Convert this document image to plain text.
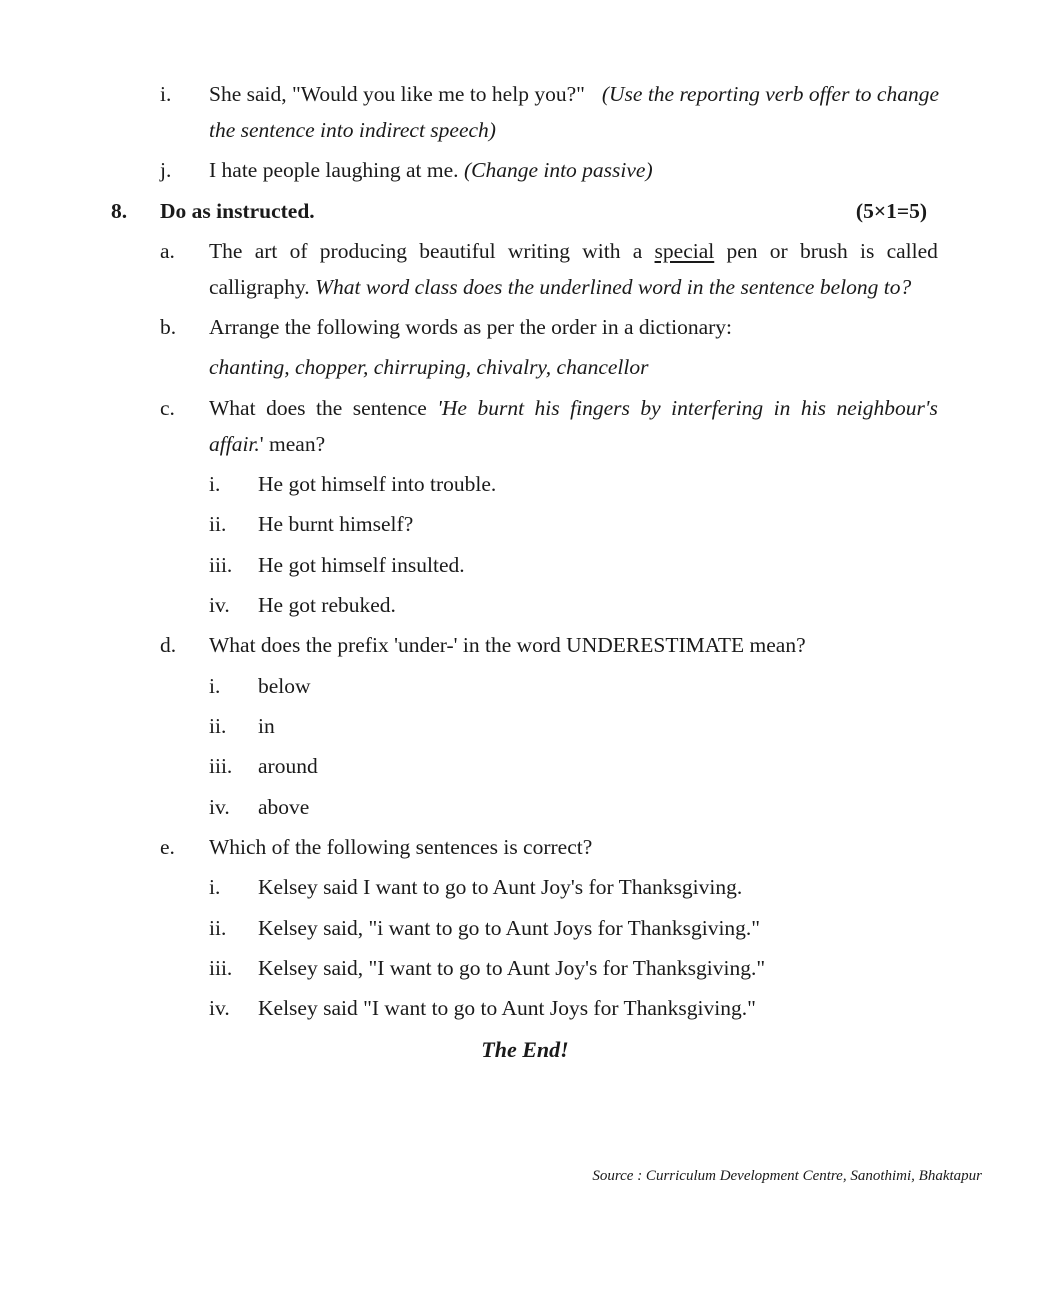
i. She said, "Would you like me to help you?" (Use the reporting verb offer to change
the sentence into indirect speech)
j. I hate people laughing at me. (Change into passive)
8. Do as instructed.	(5×1=5)
a. The art of producing beautiful writing with a special pen or brush is called
calligraphy. What word class does the underlined word in the sentence belong to?
b. Arrange the following words as per the order in a dictionary:
chanting, chopper, chirruping, chivalry, chancellor
c. What does the sentence 'He burnt his fingers by interfering in his neighbour's
affair.' mean?
i. He got himself into trouble.
ii. He burnt himself?
iii. He got himself insulted.
iv. He got rebuked.
d. What does the prefix 'under-' in the word UNDERESTIMATE mean?
i. below
ii. in
iii. around
iv. above
e. Which of the following sentences is correct?
i. Kelsey said I want to go to Aunt Joy's for Thanksgiving.
ii. Kelsey said, "i want to go to Aunt Joys for Thanksgiving."
iii. Kelsey said, "I want to go to Aunt Joy's for Thanksgiving."
iv. Kelsey said "I want to go to Aunt Joys for Thanksgiving."
The End!
Source : Curriculum Development Centre, Sanothimi, Bhaktapur
